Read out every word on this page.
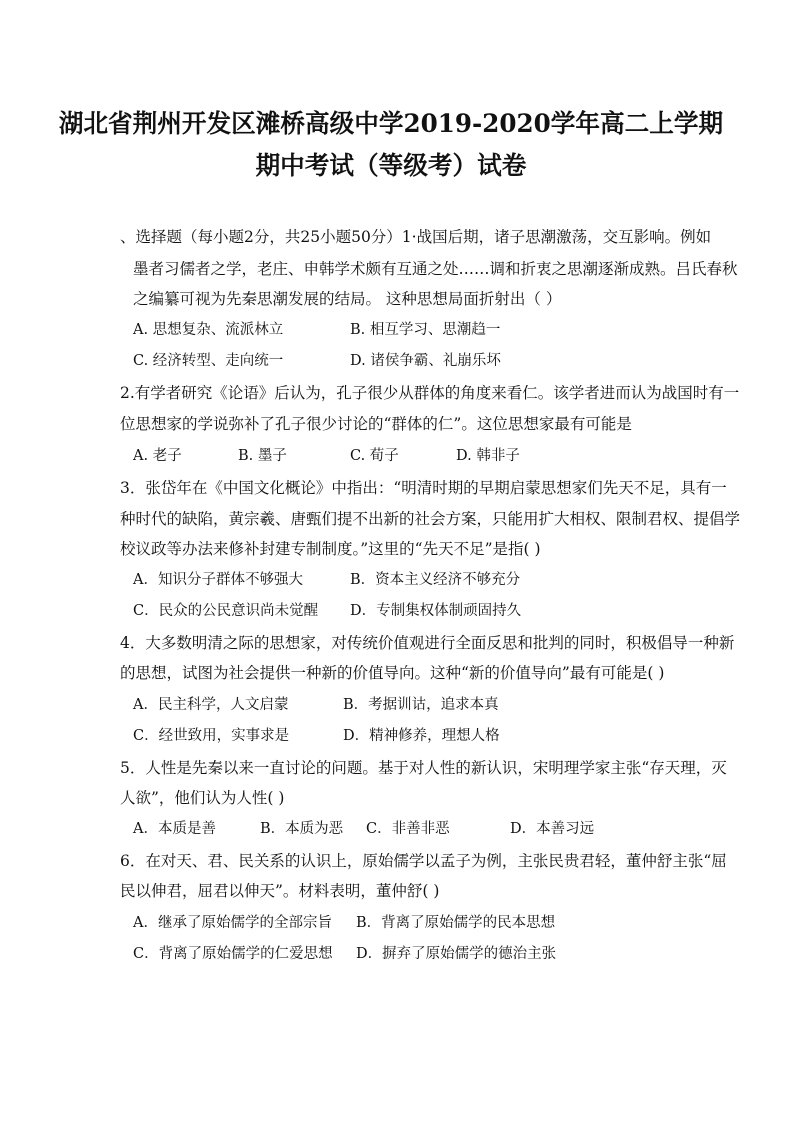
湖北省荆州开发区滩桥高级中学2019-2020学年高二上学期
期中考试（等级考）试卷
、选择题（每小题2分，共25小题50分）1·战国后期，诸子思潮激荡，交互影响。例如
墨者习儒者之学，老庄、申韩学术颇有互通之处……调和折衷之思潮逐渐成熟。吕氏春秋
之编纂可视为先秦思潮发展的结局。 这种思想局面折射出（ ）
A. 思想复杂、流派林立	B. 相互学习、思潮趋一
C. 经济转型、走向统一	D. 诸侯争霸、礼崩乐坏
2.有学者研究《论语》后认为，孔子很少从群体的角度来看仁。该学者进而认为战国时有一
位思想家的学说弥补了孔子很少讨论的“群体的仁”。这位思想家最有可能是
A. 老子	B. 墨子	C. 荀子	D. 韩非子
3．张岱年在《中国文化概论》中指出：“明清时期的早期启蒙思想家们先天不足，具有一
种时代的缺陷，黄宗羲、唐甄们提不出新的社会方案，只能用扩大相权、限制君权、提倡学
校议政等办法来修补封建专制制度。”这里的“先天不足”是指( )
A．知识分子群体不够强大	B．资本主义经济不够充分
C．民众的公民意识尚未觉醒 D．专制集权体制顽固持久
4．大多数明清之际的思想家，对传统价值观进行全面反思和批判的同时，积极倡导一种新
的思想，试图为社会提供一种新的价值导向。这种“新的价值导向”最有可能是( )
A．民主科学，人文启蒙	B．考据训诂，追求本真
C．经世致用，实事求是	D．精神修养，理想人格
5．人性是先秦以来一直讨论的问题。基于对人性的新认识，宋明理学家主张“存天理，灭
人欲”，他们认为人性( )
A．本质是善	B．本质为恶 C．非善非恶	D．本善习远
6．在对天、君、民关系的认识上，原始儒学以孟子为例，主张民贵君轻，董仲舒主张“屈
民以伸君，屈君以伸天”。材料表明，董仲舒( )
A．继承了原始儒学的全部宗旨 B．背离了原始儒学的民本思想
C．背离了原始儒学的仁爱思想 D．摒弃了原始儒学的德治主张
